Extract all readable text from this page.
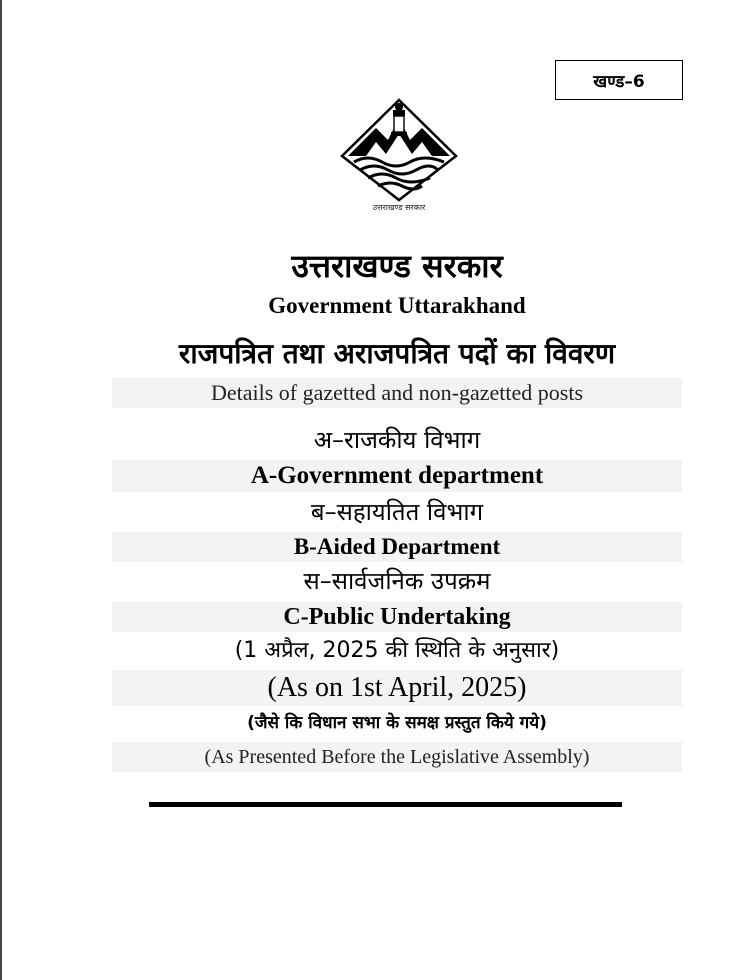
खण्ड–6
उत्तराखण्ड सरकार
उत्तराखण्ड सरकार
Government Uttarakhand
राजपत्रित तथा अराजपत्रित पदों का विवरण
Details of gazetted and non-gazetted posts
अ–राजकीय विभाग
A-Government department
ब–सहायतित विभाग
B-Aided Department
स–सार्वजनिक उपक्रम
C-Public Undertaking
(1 अप्रैल, 2025 की स्थिति के अनुसार)
(As on 1st April, 2025)
(जैसे कि विधान सभा के समक्ष प्रस्तुत किये गये)
(As Presented Before the Legislative Assembly)
